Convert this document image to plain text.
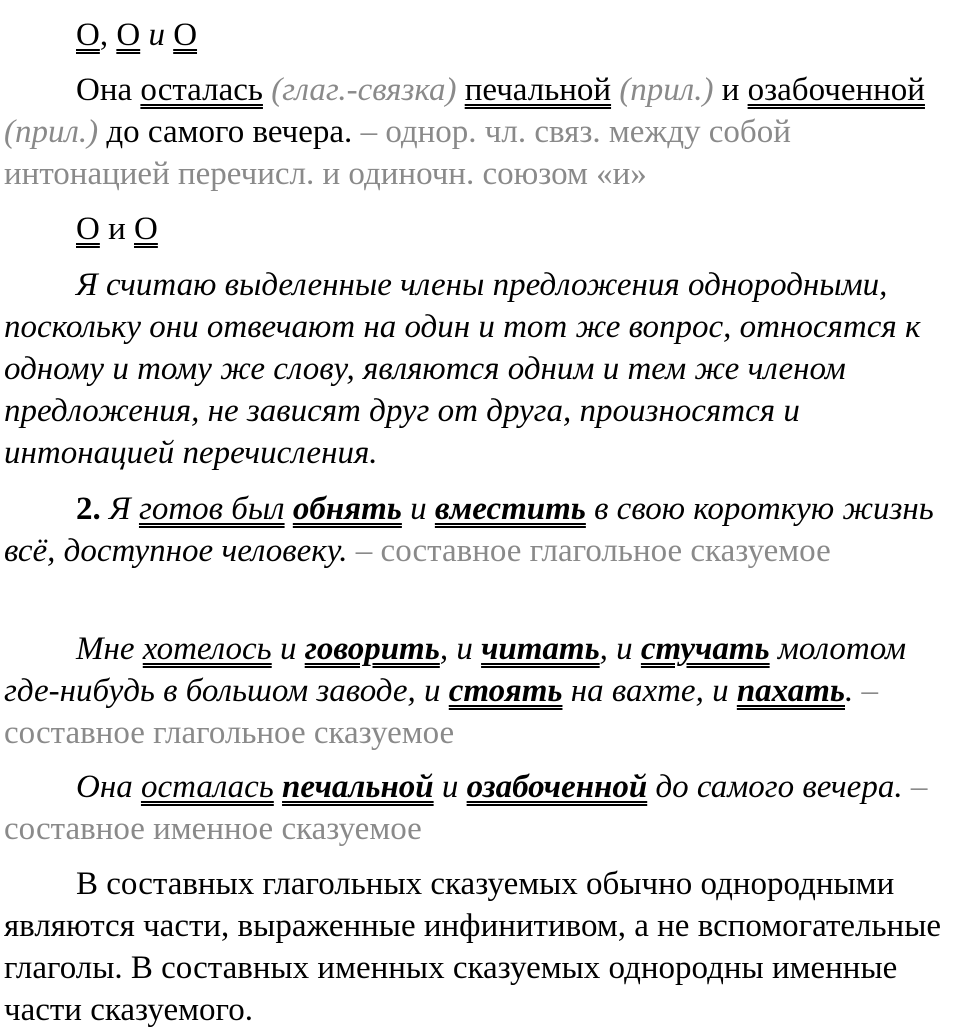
О, О и О

Она осталась (глаг.-связка) печальной (прил.) и озабоченной (прил.) до самого вечера. – однор. чл. связ. между собой интонацией перечисл. и одиночн. союзом «и»

О и О

Я считаю выделенные члены предложения однородными, поскольку они отвечают на один и тот же вопрос, относятся к одному и тому же слову, являются одним и тем же членом предложения, не зависят друг от друга, произносятся и интонацией перечисления.

2. Я готов был обнять и вместить в свою короткую жизнь всё, доступное человеку. – составное глагольное сказуемое

Мне хотелось и говорить, и читать, и стучать молотом где-нибудь в большом заводе, и стоять на вахте, и пахать. – составное глагольное сказуемое

Она осталась печальной и озабоченной до самого вечера. – составное именное сказуемое

В составных глагольных сказуемых обычно однородными являются части, выраженные инфинитивом, а не вспомогательные глаголы. В составных именных сказуемых однородны именные части сказуемого.
